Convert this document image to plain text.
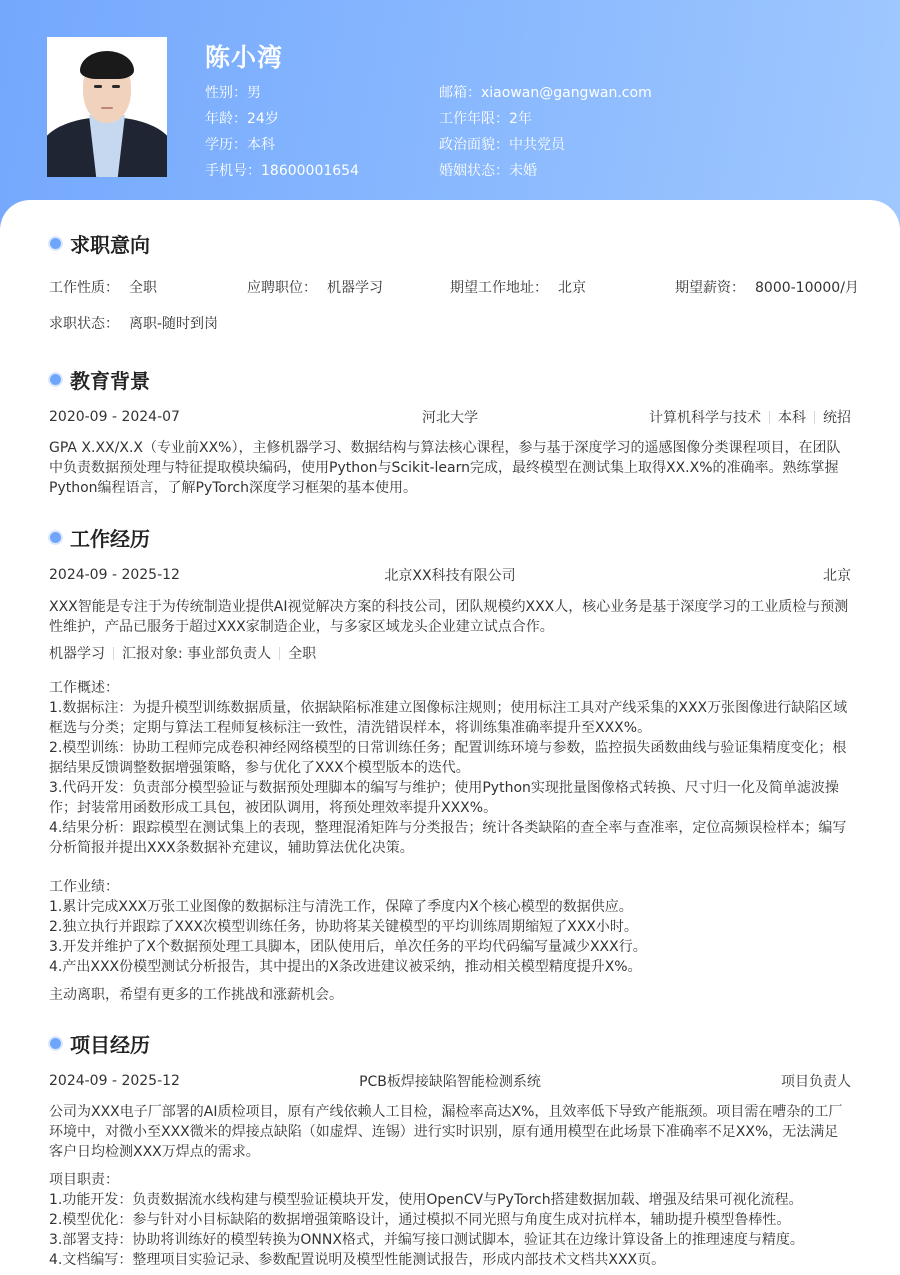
陈小湾
性别：男
年龄：24岁
学历：本科
手机号：18600001654
邮箱：xiaowan@gangwan.com
工作年限：2年
政治面貌：中共党员
婚姻状态：未婚
求职意向
工作性质： 全职	应聘职位： 机器学习	期望工作地址： 北京	期望薪资： 8000-10000/月
求职状态： 离职-随时到岗
教育背景
2020-09 - 2024-07	河北大学	计算机科学与技术 本科 统招
GPA X.XX/X.X（专业前XX%），主修机器学习、数据结构与算法核心课程，参与基于深度学习的遥感图像分类课程项目，在团队中负责数据预处理与特征提取模块编码，使用Python与Scikit-learn完成，最终模型在测试集上取得XX.X%的准确率。熟练掌握Python编程语言，了解PyTorch深度学习框架的基本使用。
工作经历
2024-09 - 2025-12	北京XX科技有限公司	北京
XXX智能是专注于为传统制造业提供AI视觉解决方案的科技公司，团队规模约XXX人，核心业务是基于深度学习的工业质检与预测性维护，产品已服务于超过XXX家制造企业，与多家区域龙头企业建立试点合作。
机器学习 汇报对象: 事业部负责人 全职

工作概述：

1.数据标注：为提升模型训练数据质量，依据缺陷标准建立图像标注规则；使用标注工具对产线采集的XXX万张图像进行缺陷区域框选与分类；定期与算法工程师复核标注一致性，清洗错误样本，将训练集准确率提升至XXX%。

2.模型训练：协助工程师完成卷积神经网络模型的日常训练任务；配置训练环境与参数，监控损失函数曲线与验证集精度变化；根据结果反馈调整数据增强策略，参与优化了XXX个模型版本的迭代。

3.代码开发：负责部分模型验证与数据预处理脚本的编写与维护；使用Python实现批量图像格式转换、尺寸归一化及简单滤波操作；封装常用函数形成工具包，被团队调用，将预处理效率提升XXX%。

4.结果分析：跟踪模型在测试集上的表现，整理混淆矩阵与分类报告；统计各类缺陷的查全率与查准率，定位高频误检样本；编写分析简报并提出XXX条数据补充建议，辅助算法优化决策。

工作业绩：

1.累计完成XXX万张工业图像的数据标注与清洗工作，保障了季度内X个核心模型的数据供应。

2.独立执行并跟踪了XXX次模型训练任务，协助将某关键模型的平均训练周期缩短了XXX小时。

3.开发并维护了X个数据预处理工具脚本，团队使用后，单次任务的平均代码编写量减少XXX行。

4.产出XXX份模型测试分析报告，其中提出的X条改进建议被采纳，推动相关模型精度提升X%。

主动离职，希望有更多的工作挑战和涨薪机会。
项目经历
2024-09 - 2025-12	PCB板焊接缺陷智能检测系统	项目负责人
公司为XXX电子厂部署的AI质检项目，原有产线依赖人工目检，漏检率高达X%，且效率低下导致产能瓶颈。项目需在嘈杂的工厂环境中，对微小至XXX微米的焊接点缺陷（如虚焊、连锡）进行实时识别，原有通用模型在此场景下准确率不足XX%，无法满足客户日均检测XXX万焊点的需求。

项目职责：

1.功能开发：负责数据流水线构建与模型验证模块开发，使用OpenCV与PyTorch搭建数据加载、增强及结果可视化流程。

2.模型优化：参与针对小目标缺陷的数据增强策略设计，通过模拟不同光照与角度生成对抗样本，辅助提升模型鲁棒性。

3.部署支持：协助将训练好的模型转换为ONNX格式，并编写接口测试脚本，验证其在边缘计算设备上的推理速度与精度。

4.文档编写：整理项目实验记录、参数配置说明及模型性能测试报告，形成内部技术文档共XXX页。
